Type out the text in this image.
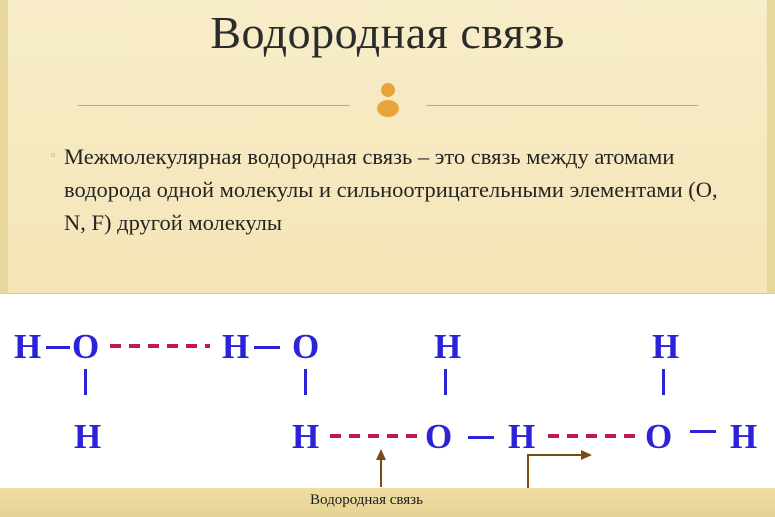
Водородная связь
▫ Межмолекулярная водородная связь – это связь между атомами водорода одной молекулы и сильноотрицательными элементами (O, N, F) другой молекулы
H O	H O	H	H
H	H	O H	O H
Водородная связь
